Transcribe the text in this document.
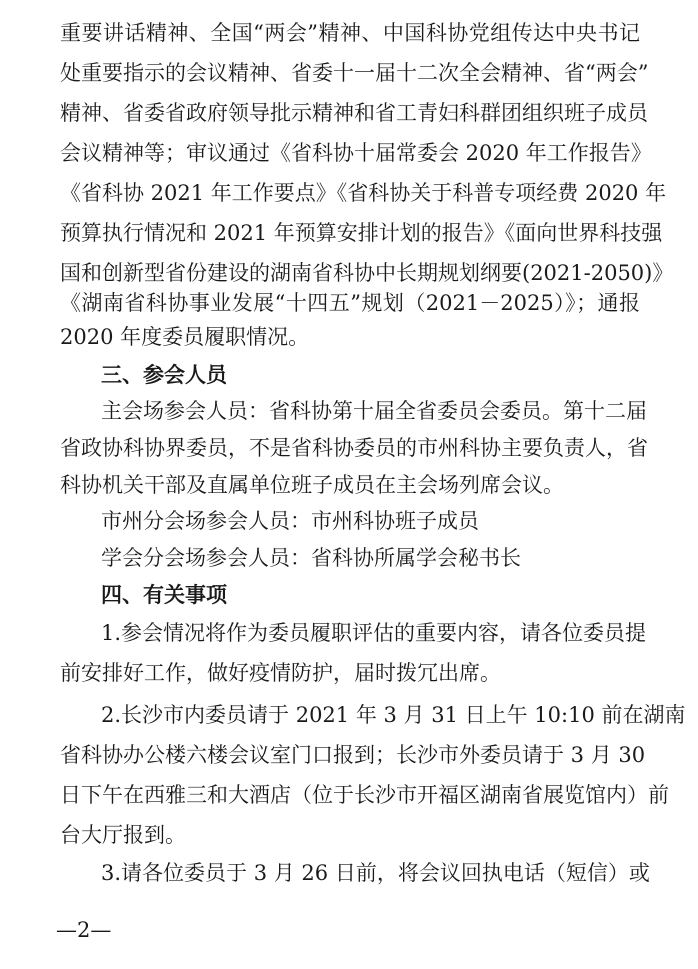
重要讲话精神、全国“两会”精神、中国科协党组传达中央书记
处重要指示的会议精神、省委十一届十二次全会精神、省“两会”
精神、省委省政府领导批示精神和省工青妇科群团组织班子成员
会议精神等；审议通过《省科协十届常委会 2020 年工作报告》
《省科协 2021 年工作要点》《省科协关于科普专项经费 2020 年
预算执行情况和 2021 年预算安排计划的报告》《面向世界科技强
国和创新型省份建设的湖南省科协中长期规划纲要(2021-2050)》
《湖南省科协事业发展“十四五”规划（2021－2025）》；通报
2020 年度委员履职情况。
三、参会人员
主会场参会人员：省科协第十届全省委员会委员。第十二届
省政协科协界委员，不是省科协委员的市州科协主要负责人，省
科协机关干部及直属单位班子成员在主会场列席会议。
市州分会场参会人员：市州科协班子成员
学会分会场参会人员：省科协所属学会秘书长
四、有关事项
1.参会情况将作为委员履职评估的重要内容，请各位委员提
前安排好工作，做好疫情防护，届时拨冗出席。
2.长沙市内委员请于 2021 年 3 月 31 日上午 10:10 前在湖南
省科协办公楼六楼会议室门口报到；长沙市外委员请于 3 月 30
日下午在西雅三和大酒店（位于长沙市开福区湖南省展览馆内）前
台大厅报到。
—2—
3.请各位委员于 3 月 26 日前，将会议回执电话（短信）或
